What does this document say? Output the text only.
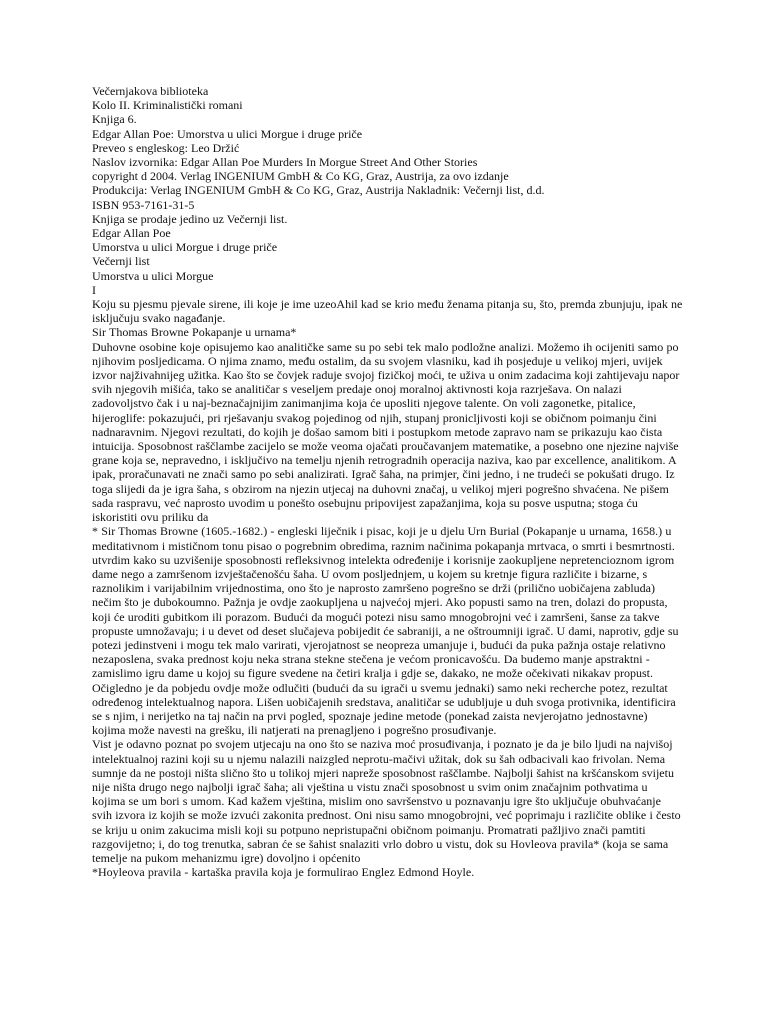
Večernjakova biblioteka
Kolo II. Kriminalistički romani
Knjiga 6.
Edgar Allan Poe: Umorstva u ulici Morgue i druge priče
Preveo s engleskog: Leo Držić
Naslov izvornika: Edgar Allan Poe Murders In Morgue Street And Other Stories
copyright d 2004. Verlag INGENIUM GmbH & Co KG, Graz, Austrija, za ovo izdanje
Produkcija: Verlag INGENIUM GmbH & Co KG, Graz, Austrija Nakladnik: Večernji list, d.d.
ISBN 953-7161-31-5
Knjiga se prodaje jedino uz Večernji list.
Edgar Allan Poe
Umorstva u ulici Morgue i druge priče
Večernji list
Umorstva u ulici Morgue
I

Koju su pjesmu pjevale sirene, ili koje je ime uzeoAhil kad se krio među ženama pitanja su, što, premda zbunjuju, ipak ne isključuju svako nagađanje.

Sir Thomas Browne Pokapanje u urnama*

Duhovne osobine koje opisujemo kao analitičke same su po sebi tek malo podložne analizi. Možemo ih ocijeniti samo po njihovim posljedicama. O njima znamo, među ostalim, da su svojem vlasniku, kad ih posjeduje u velikoj mjeri, uvijek izvor najživahnijeg užitka. Kao što se čovjek raduje svojoj fizičkoj moći, te uživa u onim zadacima koji zahtijevaju napor svih njegovih mišića, tako se analitičar s veseljem predaje onoj moralnoj aktivnosti koja razrješava. On nalazi zadovoljstvo čak i u naj-beznačajnijim zanimanjima koja će uposliti njegove talente. On voli zagonetke, pitalice, hijeroglife: pokazujući, pri rješavanju svakog pojedinog od njih, stupanj pronicljivosti koji se običnom poimanju čini nadnaravnim. Njegovi rezultati, do kojih je došao samom biti i postupkom metode zapravo nam se prikazuju kao čista intuicija. Sposobnost raščlambe zacijelo se može veoma ojačati proučavanjem matematike, a posebno one njezine najviše grane koja se, nepravedno, i isključivo na temelju njenih retrogradnih operacija naziva, kao par excellence, analitikom. A ipak, proračunavati ne znači samo po sebi analizirati. Igrač šaha, na primjer, čini jedno, i ne trudeći se pokušati drugo. Iz toga slijedi da je igra šaha, s obzirom na njezin utjecaj na duhovni značaj, u velikoj mjeri pogrešno shvaćena. Ne pišem sada raspravu, već naprosto uvodim u ponešto osebujnu pripovijest zapažanjima, koja su posve usputna; stoga ću iskoristiti ovu priliku da

* Sir Thomas Browne (1605.-1682.) - engleski liječnik i pisac, koji je u djelu Urn Burial (Pokapanje u urnama, 1658.) u meditativnom i mističnom tonu pisao o pogrebnim obredima, raznim načinima pokapanja mrtvaca, o smrti i besmrtnosti.

utvrdim kako su uzvišenije sposobnosti refleksivnog intelekta određenije i korisnije zaokupljene nepretencioznom igrom dame nego a zamršenom izvještačenošću šaha. U ovom posljednjem, u kojem su kretnje figura različite i bizarne, s raznolikim i varijabilnim vrijednostima, ono što je naprosto zamršeno pogrešno se drži (prilično uobičajena zabluda) nečim što je dubokoumno. Pažnja je ovdje zaokupljena u najvećoj mjeri. Ako popusti samo na tren, dolazi do propusta, koji će uroditi gubitkom ili porazom. Budući da mogući potezi nisu samo mnogobrojni već i zamršeni, šanse za takve propuste umnožavaju; i u devet od deset slučajeva pobijedit će sabraniji, a ne oštroumniji igrač. U dami, naprotiv, gdje su potezi jedinstveni i mogu tek malo varirati, vjerojatnost se neopreza umanjuje i, budući da puka pažnja ostaje relativno nezaposlena, svaka prednost koju neka strana stekne stečena je većom pronicavošću. Da budemo manje apstraktni - zamislimo igru dame u kojoj su figure svedene na četiri kralja i gdje se, dakako, ne može očekivati nikakav propust. Očigledno je da pobjedu ovdje može odlučiti (budući da su igrači u svemu jednaki) samo neki recherche potez, rezultat određenog intelektualnog napora. Lišen uobičajenih sredstava, analitičar se udubljuje u duh svoga protivnika, identificira se s njim, i nerijetko na taj način na prvi pogled, spoznaje jedine metode (ponekad zaista nevjerojatno jednostavne) kojima može navesti na grešku, ili natjerati na prenagljeno i pogrešno prosuđivanje.

Vist je odavno poznat po svojem utjecaju na ono što se naziva moć prosuđivanja, i poznato je da je bilo ljudi na najvišoj intelektualnoj razini koji su u njemu nalazili naizgled neprotu-mačivi užitak, dok su šah odbacivali kao frivolan. Nema sumnje da ne postoji ništa slično što u tolikoj mjeri napreže sposobnost raščlambe. Najbolji šahist na kršćanskom svijetu nije ništa drugo nego najbolji igrač šaha; ali vještina u vistu znači sposobnost u svim onim značajnim pothvatima u kojima se um bori s umom. Kad kažem vještina, mislim ono savršenstvo u poznavanju igre što uključuje obuhvaćanje svih izvora iz kojih se može izvući zakonita prednost. Oni nisu samo mnogobrojni, već poprimaju i različite oblike i često se kriju u onim zakucima misli koji su potpuno nepristupačni običnom poimanju. Promatrati pažljivo znači pamtiti razgovijetno; i, do tog trenutka, sabran će se šahist snalaziti vrlo dobro u vistu, dok su Hovleova pravila* (koja se sama temelje na pukom mehanizmu igre) dovoljno i općenito

*Hoyleova pravila - kartaška pravila koja je formulirao Englez Edmond Hoyle.
